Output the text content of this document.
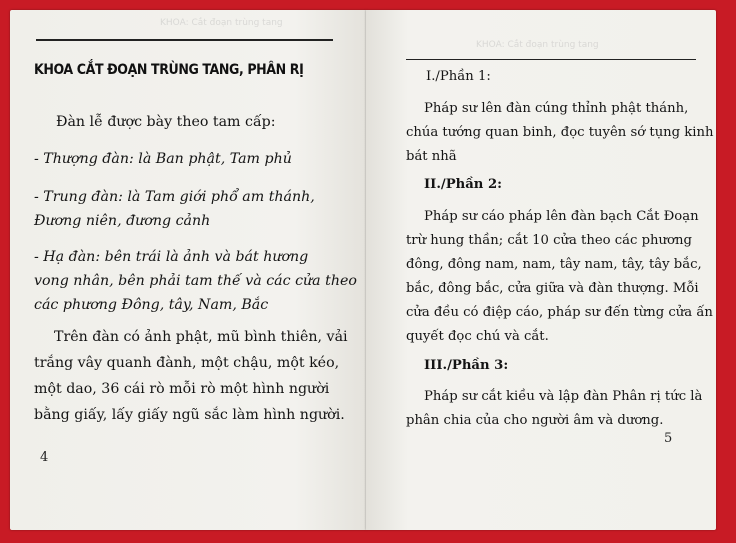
KHOA: Cắt đoạn trùng tang
KHOA CẮT ĐOẠN TRÙNG TANG, PHÂN RỊ
Đàn lễ được bày theo tam cấp:
- Thượng đàn: là Ban phật, Tam phủ
- Trung đàn: là Tam giới phổ am thánh,
Đương niên, đương cảnh
- Hạ đàn: bên trái là ảnh và bát hương
vong nhân, bên phải tam thế và các cửa theo
các phương Đông, tây, Nam, Bắc
Trên đàn có ảnh phật, mũ bình thiên, vải
trắng vây quanh đành, một chậu, một kéo,
một dao, 36 cái rò mỗi rò một hình người
bằng giấy, lấy giấy ngũ sắc làm hình người.
4
KHOA: Cắt đoạn trùng tang
I./Phần 1:
Pháp sư lên đàn cúng thỉnh phật thánh,
chúa tướng quan binh, đọc tuyên sớ tụng kinh
bát nhã
II./Phần 2:
Pháp sư cáo pháp lên đàn bạch Cắt Đoạn
trừ hung thần; cắt 10 cửa theo các phương
đông, đông nam, nam, tây nam, tây, tây bắc,
bắc, đông bắc, cửa giữa và đàn thượng. Mỗi
cửa đều có điệp cáo, pháp sư đến từng cửa ấn
quyết đọc chú và cắt.
III./Phần 3:
Pháp sư cắt kiều và lập đàn Phân rị tức là
phân chia của cho người âm và dương.
5
